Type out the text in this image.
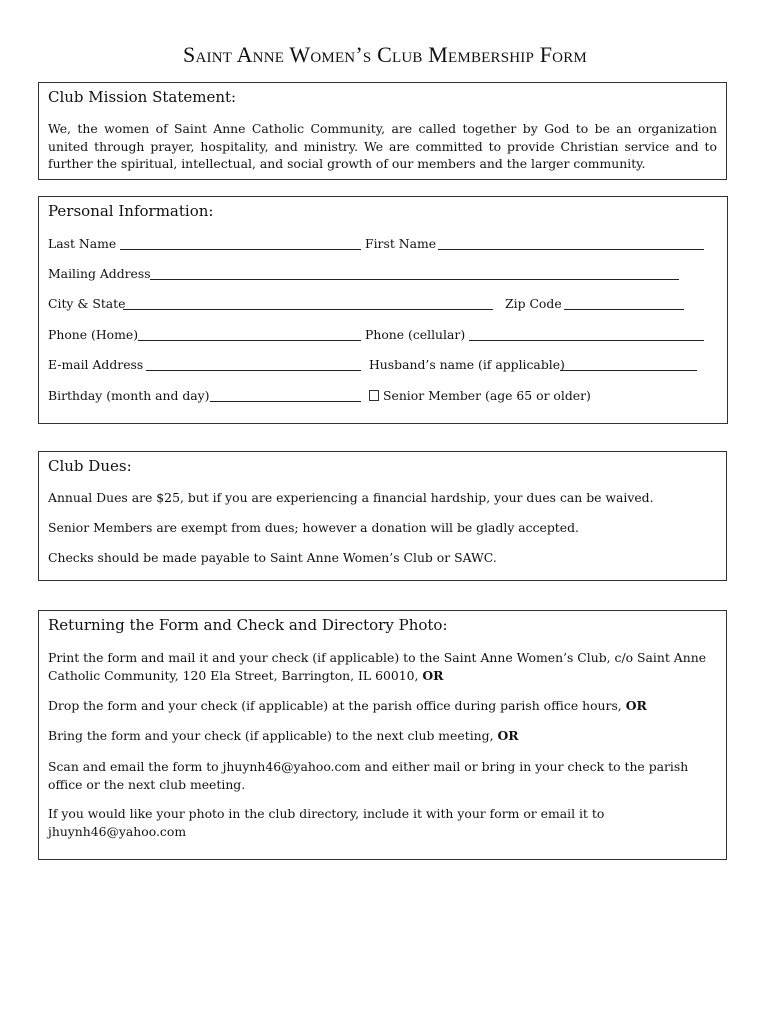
Saint Anne Women’s Club Membership Form
Club Mission Statement:

We, the women of Saint Anne Catholic Community, are called together by God to be an organization united through prayer, hospitality, and ministry. We are committed to provide Christian service and to further the spiritual, intellectual, and social growth of our members and the larger community.

Personal Information:
Last Name	First Name
Mailing Address
City & State	Zip Code
Phone (Home)	Phone (cellular)
E-mail Address	Husband’s name (if applicable)
Birthday (month and day)	Senior Member (age 65 or older)
Club Dues:

Annual Dues are $25, but if you are experiencing a financial hardship, your dues can be waived.

Senior Members are exempt from dues; however a donation will be gladly accepted.

Checks should be made payable to Saint Anne Women’s Club or SAWC.

Returning the Form and Check and Directory Photo:

Print the form and mail it and your check (if applicable) to the Saint Anne Women’s Club, c/o Saint Anne Catholic Community, 120 Ela Street, Barrington, IL 60010, OR

Drop the form and your check (if applicable) at the parish office during parish office hours, OR

Bring the form and your check (if applicable) to the next club meeting, OR

Scan and email the form to jhuynh46@yahoo.com and either mail or bring in your check to the parish office or the next club meeting.

If you would like your photo in the club directory, include it with your form or email it to jhuynh46@yahoo.com
